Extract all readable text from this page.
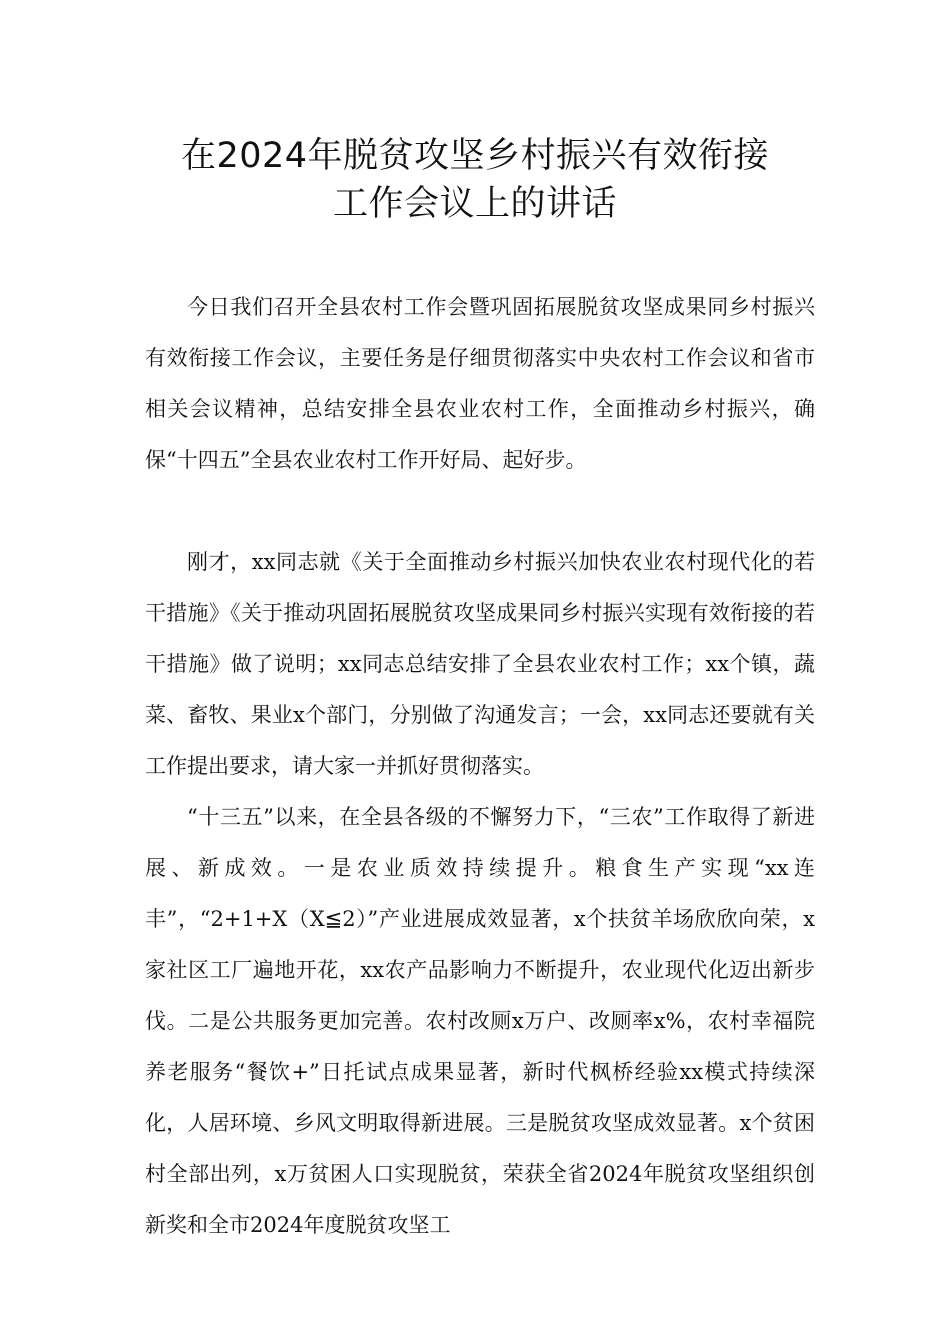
在2024年脱贫攻坚乡村振兴有效衔接
工作会议上的讲话

今日我们召开全县农村工作会暨巩固拓展脱贫攻坚成果同乡村振兴有效衔接工作会议，主要任务是仔细贯彻落实中央农村工作会议和省市相关会议精神，总结安排全县农业农村工作，全面推动乡村振兴，确保“十四五”全县农业农村工作开好局、起好步。

刚才，xx同志就《关于全面推动乡村振兴加快农业农村现代化的若干措施》《关于推动巩固拓展脱贫攻坚成果同乡村振兴实现有效衔接的若干措施》做了说明；xx同志总结安排了全县农业农村工作；xx个镇，蔬菜、畜牧、果业x个部门，分别做了沟通发言；一会，xx同志还要就有关工作提出要求，请大家一并抓好贯彻落实。

“十三五”以来，在全县各级的不懈努力下，“三农”工作取得了新进展、新成效。一是农业质效持续提升。粮食生产实现“xx连丰”，“2+1+X（X≦2）”产业进展成效显著，x个扶贫羊场欣欣向荣，x家社区工厂遍地开花，xx农产品影响力不断提升，农业现代化迈出新步伐。二是公共服务更加完善。农村改厕x万户、改厕率x%，农村幸福院养老服务“餐饮+”日托试点成果显著，新时代枫桥经验xx模式持续深化，人居环境、乡风文明取得新进展。三是脱贫攻坚成效显著。x个贫困村全部出列，x万贫困人口实现脱贫，荣获全省2024年脱贫攻坚组织创新奖和全市2024年度脱贫攻坚工
